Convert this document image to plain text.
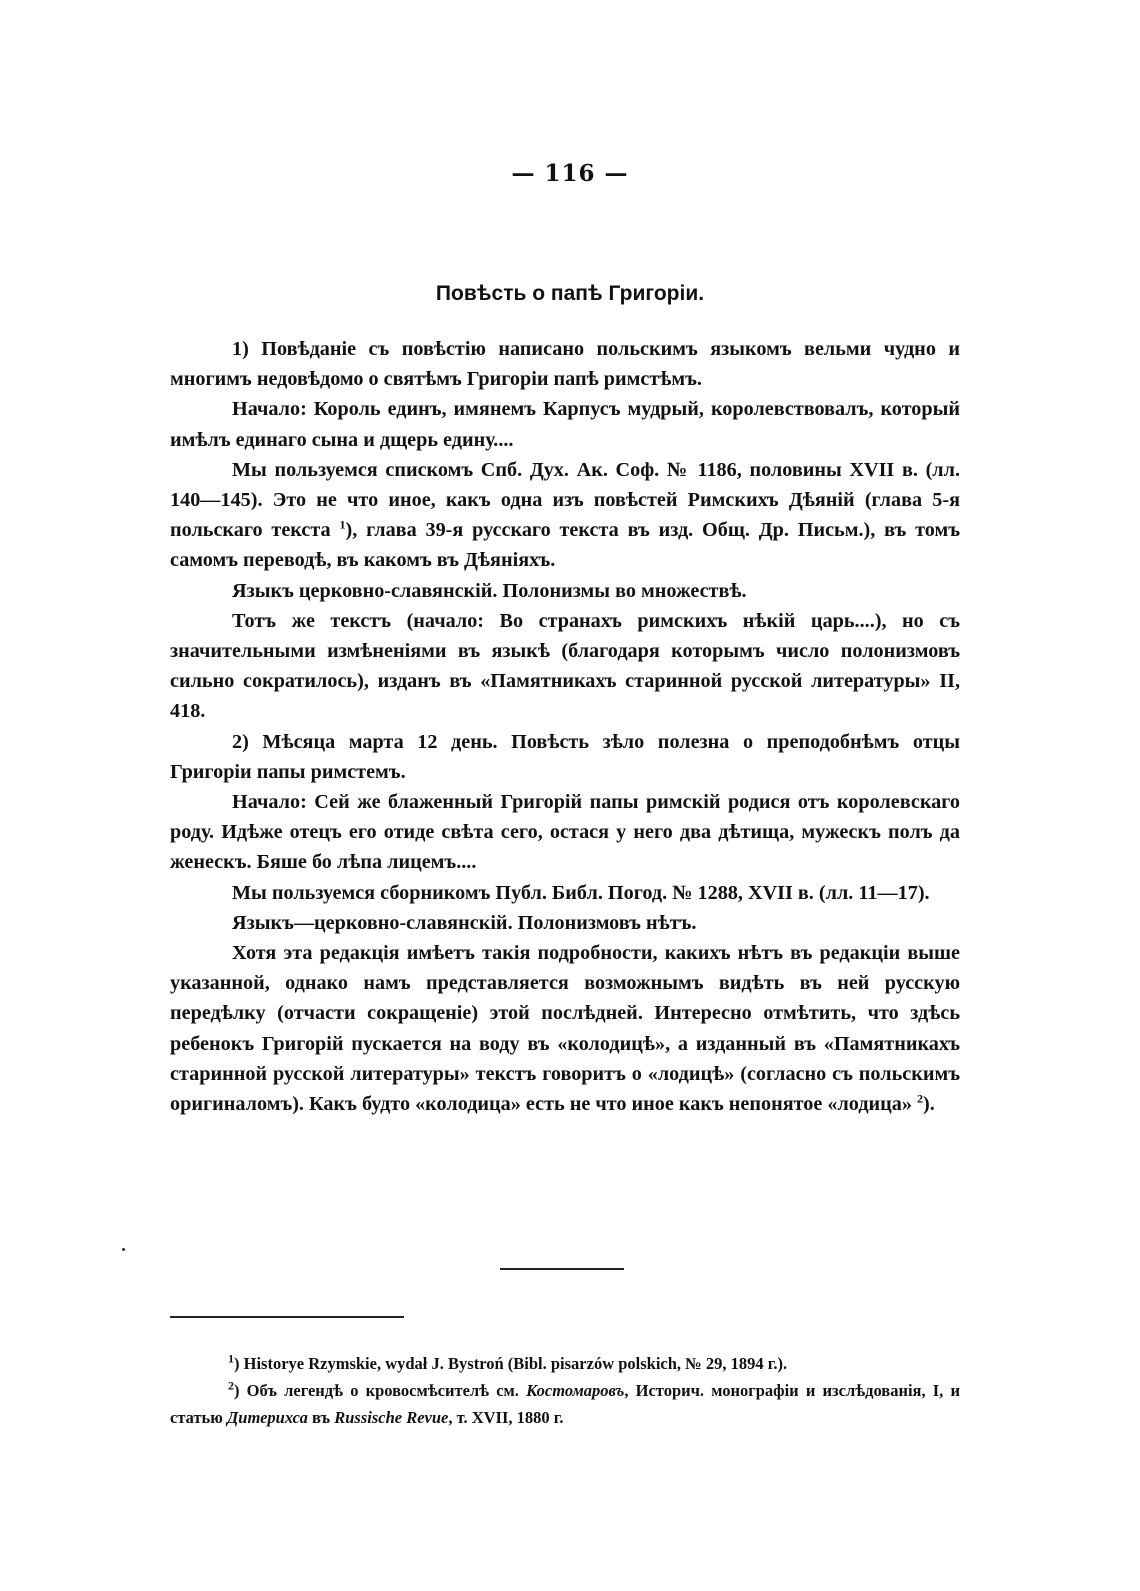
— 116 —
Повѣсть о папѣ Григоріи.

1) Повѣданіе съ повѣстію написано польскимъ языкомъ вельми чудно и многимъ недовѣдомо о святѣмъ Григоріи папѣ римстѣмъ.

Начало: Король единъ, имянемъ Карпусъ мудрый, королевствовалъ, который имѣлъ единаго сына и дщерь едину....

Мы пользуемся спискомъ Спб. Дух. Ак. Соф. № 1186, половины XVII в. (лл. 140—145). Это не что иное, какъ одна изъ повѣстей Римскихъ Дѣяній (глава 5-я польскаго текста $^1$), глава 39-я русскаго текста въ изд. Общ. Др. Письм.), въ томъ самомъ переводѣ, въ какомъ въ Дѣяніяхъ.

Языкъ церковно-славянскій. Полонизмы во множествѣ.

Тотъ же текстъ (начало: Во странахъ римскихъ нѣкій царь....), но съ значительными измѣненіями въ языкѣ (благодаря которымъ число полонизмовъ сильно сократилось), изданъ въ «Памятникахъ старинной русской литературы» II, 418.

2) Мѣсяца марта 12 день. Повѣсть зѣло полезна о преподобнѣмъ отцы Григоріи папы римстемъ.

Начало: Сей же блаженный Григорій папы римскій родися отъ королевскаго роду. Идѣже отецъ его отиде свѣта сего, остася у него два дѣтища, мужескъ полъ да женескъ. Бяше бо лѣпа лицемъ....

Мы пользуемся сборникомъ Публ. Библ. Погод. № 1288, XVII в. (лл. 11—17).

Языкъ—церковно-славянскій. Полонизмовъ нѣтъ.

Хотя эта редакція имѣетъ такія подробности, какихъ нѣтъ въ редакціи выше указанной, однако намъ представляется возможнымъ видѣть въ ней русскую передѣлку (отчасти сокращеніе) этой послѣдней. Интересно отмѣтить, что здѣсь ребенокъ Григорій пускается на воду въ «колодицѣ», а изданный въ «Памятникахъ старинной русской литературы» текстъ говоритъ о «лодицѣ» (согласно съ польскимъ оригиналомъ). Какъ будто «колодица» есть не что иное какъ непонятое «лодица» $^2$).

$^1$) Historye Rzymskie, wydał J. Bystroń (Bibl. pisarzów polskich, № 29, 1894 г.).

$^2$) Объ легендѣ о кровосмѣсителѣ см. Костомаровъ, Историч. монографіи и изслѣдованія, I, и статью Дитерихса въ Russische Revue, т. XVII, 1880 г.
